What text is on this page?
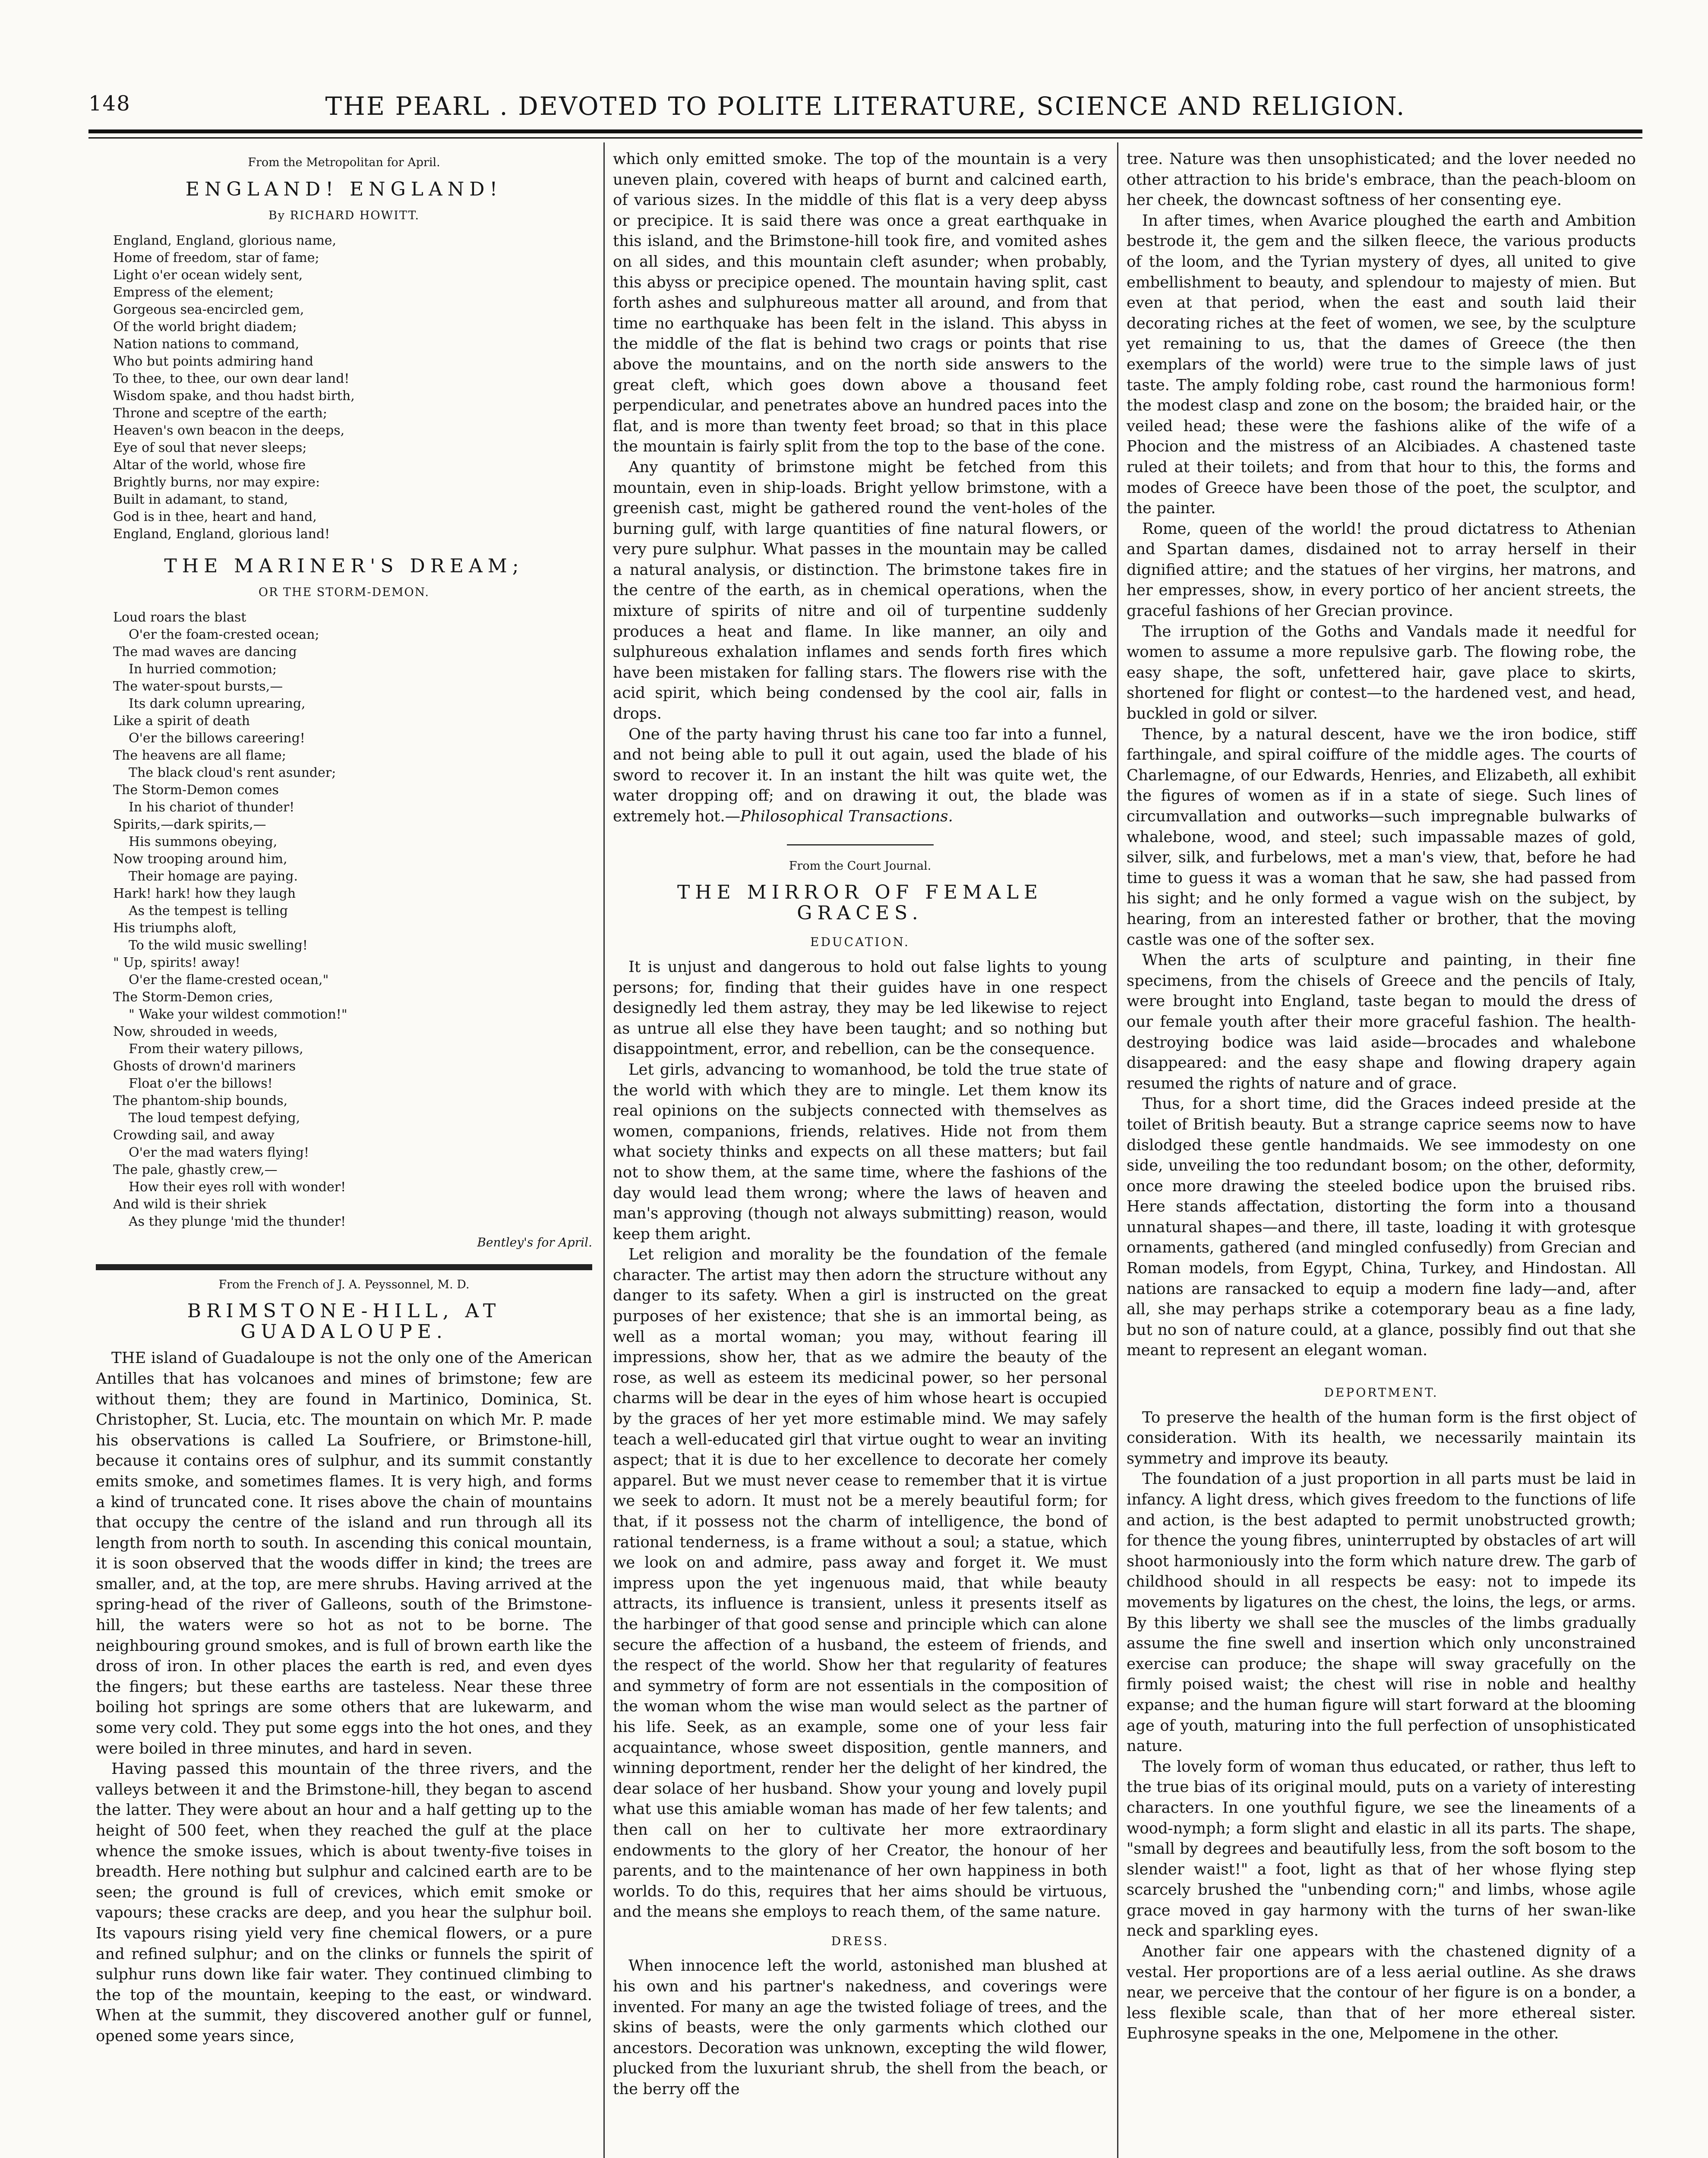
148	THE PEARL . DEVOTED TO POLITE LITERATURE, SCIENCE AND RELIGION.
From the Metropolitan for April.
ENGLAND! ENGLAND!
By RICHARD HOWITT.
England, England, glorious name,
Home of freedom, star of fame;
Light o'er ocean widely sent,
Empress of the element;
Gorgeous sea-encircled gem,
Of the world bright diadem;
Nation nations to command,
Who but points admiring hand
To thee, to thee, our own dear land!
Wisdom spake, and thou hadst birth,
Throne and sceptre of the earth;
Heaven's own beacon in the deeps,
Eye of soul that never sleeps;
Altar of the world, whose fire
Brightly burns, nor may expire:
Built in adamant, to stand,
God is in thee, heart and hand,
England, England, glorious land!
THE MARINER'S DREAM;
OR THE STORM-DEMON.
Loud roars the blast
O'er the foam-crested ocean;
The mad waves are dancing
In hurried commotion;
The water-spout bursts,—
Its dark column uprearing,
Like a spirit of death
O'er the billows careering!
The heavens are all flame;
The black cloud's rent asunder;
The Storm-Demon comes
In his chariot of thunder!
Spirits,—dark spirits,—
His summons obeying,
Now trooping around him,
Their homage are paying.
Hark! hark! how they laugh
As the tempest is telling
His triumphs aloft,
To the wild music swelling!
" Up, spirits! away!
O'er the flame-crested ocean,"
The Storm-Demon cries,
" Wake your wildest commotion!"
Now, shrouded in weeds,
From their watery pillows,
Ghosts of drown'd mariners
Float o'er the billows!
The phantom-ship bounds,
The loud tempest defying,
Crowding sail, and away
O'er the mad waters flying!
The pale, ghastly crew,—
How their eyes roll with wonder!
And wild is their shriek
As they plunge 'mid the thunder!
Bentley's for April.
From the French of J. A. Peyssonnel, M. D.
BRIMSTONE-HILL, AT GUADALOUPE.

THE island of Guadaloupe is not the only one of the American Antilles that has volcanoes and mines of brimstone; few are without them; they are found in Martinico, Dominica, St. Christopher, St. Lucia, etc. The mountain on which Mr. P. made his observations is called La Soufriere, or Brimstone-hill, because it contains ores of sulphur, and its summit constantly emits smoke, and sometimes flames. It is very high, and forms a kind of truncated cone. It rises above the chain of mountains that occupy the centre of the island and run through all its length from north to south. In ascending this conical mountain, it is soon observed that the woods differ in kind; the trees are smaller, and, at the top, are mere shrubs. Having arrived at the spring-head of the river of Galleons, south of the Brimstone-hill, the waters were so hot as not to be borne. The neighbouring ground smokes, and is full of brown earth like the dross of iron. In other places the earth is red, and even dyes the fingers; but these earths are tasteless. Near these three boiling hot springs are some others that are lukewarm, and some very cold. They put some eggs into the hot ones, and they were boiled in three minutes, and hard in seven.

Having passed this mountain of the three rivers, and the valleys between it and the Brimstone-hill, they began to ascend the latter. They were about an hour and a half getting up to the height of 500 feet, when they reached the gulf at the place whence the smoke issues, which is about twenty-five toises in breadth. Here nothing but sulphur and calcined earth are to be seen; the ground is full of crevices, which emit smoke or vapours; these cracks are deep, and you hear the sulphur boil. Its vapours rising yield very fine chemical flowers, or a pure and refined sulphur; and on the clinks or funnels the spirit of sulphur runs down like fair water. They continued climbing to the top of the mountain, keeping to the east, or windward. When at the summit, they discovered another gulf or funnel, opened some years since,

which only emitted smoke. The top of the mountain is a very uneven plain, covered with heaps of burnt and calcined earth, of various sizes. In the middle of this flat is a very deep abyss or precipice. It is said there was once a great earthquake in this island, and the Brimstone-hill took fire, and vomited ashes on all sides, and this mountain cleft asunder; when probably, this abyss or precipice opened. The mountain having split, cast forth ashes and sulphureous matter all around, and from that time no earthquake has been felt in the island. This abyss in the middle of the flat is behind two crags or points that rise above the mountains, and on the north side answers to the great cleft, which goes down above a thousand feet perpendicular, and penetrates above an hundred paces into the flat, and is more than twenty feet broad; so that in this place the mountain is fairly split from the top to the base of the cone.

Any quantity of brimstone might be fetched from this mountain, even in ship-loads. Bright yellow brimstone, with a greenish cast, might be gathered round the vent-holes of the burning gulf, with large quantities of fine natural flowers, or very pure sulphur. What passes in the mountain may be called a natural analysis, or distinction. The brimstone takes fire in the centre of the earth, as in chemical operations, when the mixture of spirits of nitre and oil of turpentine suddenly produces a heat and flame. In like manner, an oily and sulphureous exhalation inflames and sends forth fires which have been mistaken for falling stars. The flowers rise with the acid spirit, which being condensed by the cool air, falls in drops.

One of the party having thrust his cane too far into a funnel, and not being able to pull it out again, used the blade of his sword to recover it. In an instant the hilt was quite wet, the water dropping off; and on drawing it out, the blade was extremely hot.—Philosophical Transactions.

From the Court Journal.
THE MIRROR OF FEMALE GRACES.
EDUCATION.

It is unjust and dangerous to hold out false lights to young persons; for, finding that their guides have in one respect designedly led them astray, they may be led likewise to reject as untrue all else they have been taught; and so nothing but disappointment, error, and rebellion, can be the consequence.

Let girls, advancing to womanhood, be told the true state of the world with which they are to mingle. Let them know its real opinions on the subjects connected with themselves as women, companions, friends, relatives. Hide not from them what society thinks and expects on all these matters; but fail not to show them, at the same time, where the fashions of the day would lead them wrong; where the laws of heaven and man's approving (though not always submitting) reason, would keep them aright.

Let religion and morality be the foundation of the female character. The artist may then adorn the structure without any danger to its safety. When a girl is instructed on the great purposes of her existence; that she is an immortal being, as well as a mortal woman; you may, without fearing ill impressions, show her, that as we admire the beauty of the rose, as well as esteem its medicinal power, so her personal charms will be dear in the eyes of him whose heart is occupied by the graces of her yet more estimable mind. We may safely teach a well-educated girl that virtue ought to wear an inviting aspect; that it is due to her excellence to decorate her comely apparel. But we must never cease to remember that it is virtue we seek to adorn. It must not be a merely beautiful form; for that, if it possess not the charm of intelligence, the bond of rational tenderness, is a frame without a soul; a statue, which we look on and admire, pass away and forget it. We must impress upon the yet ingenuous maid, that while beauty attracts, its influence is transient, unless it presents itself as the harbinger of that good sense and principle which can alone secure the affection of a husband, the esteem of friends, and the respect of the world. Show her that regularity of features and symmetry of form are not essentials in the composition of the woman whom the wise man would select as the partner of his life. Seek, as an example, some one of your less fair acquaintance, whose sweet disposition, gentle manners, and winning deportment, render her the delight of her kindred, the dear solace of her husband. Show your young and lovely pupil what use this amiable woman has made of her few talents; and then call on her to cultivate her more extraordinary endowments to the glory of her Creator, the honour of her parents, and to the maintenance of her own happiness in both worlds. To do this, requires that her aims should be virtuous, and the means she employs to reach them, of the same nature.

DRESS.

When innocence left the world, astonished man blushed at his own and his partner's nakedness, and coverings were invented. For many an age the twisted foliage of trees, and the skins of beasts, were the only garments which clothed our ancestors. Decoration was unknown, excepting the wild flower, plucked from the luxuriant shrub, the shell from the beach, or the berry off the

tree. Nature was then unsophisticated; and the lover needed no other attraction to his bride's embrace, than the peach-bloom on her cheek, the downcast softness of her consenting eye.

In after times, when Avarice ploughed the earth and Ambition bestrode it, the gem and the silken fleece, the various products of the loom, and the Tyrian mystery of dyes, all united to give embellishment to beauty, and splendour to majesty of mien. But even at that period, when the east and south laid their decorating riches at the feet of women, we see, by the sculpture yet remaining to us, that the dames of Greece (the then exemplars of the world) were true to the simple laws of just taste. The amply folding robe, cast round the harmonious form! the modest clasp and zone on the bosom; the braided hair, or the veiled head; these were the fashions alike of the wife of a Phocion and the mistress of an Alcibiades. A chastened taste ruled at their toilets; and from that hour to this, the forms and modes of Greece have been those of the poet, the sculptor, and the painter.

Rome, queen of the world! the proud dictatress to Athenian and Spartan dames, disdained not to array herself in their dignified attire; and the statues of her virgins, her matrons, and her empresses, show, in every portico of her ancient streets, the graceful fashions of her Grecian province.

The irruption of the Goths and Vandals made it needful for women to assume a more repulsive garb. The flowing robe, the easy shape, the soft, unfettered hair, gave place to skirts, shortened for flight or contest—to the hardened vest, and head, buckled in gold or silver.

Thence, by a natural descent, have we the iron bodice, stiff farthingale, and spiral coiffure of the middle ages. The courts of Charlemagne, of our Edwards, Henries, and Elizabeth, all exhibit the figures of women as if in a state of siege. Such lines of circumvallation and outworks—such impregnable bulwarks of whalebone, wood, and steel; such impassable mazes of gold, silver, silk, and furbelows, met a man's view, that, before he had time to guess it was a woman that he saw, she had passed from his sight; and he only formed a vague wish on the subject, by hearing, from an interested father or brother, that the moving castle was one of the softer sex.

When the arts of sculpture and painting, in their fine specimens, from the chisels of Greece and the pencils of Italy, were brought into England, taste began to mould the dress of our female youth after their more graceful fashion. The health-destroying bodice was laid aside—brocades and whalebone disappeared: and the easy shape and flowing drapery again resumed the rights of nature and of grace.

Thus, for a short time, did the Graces indeed preside at the toilet of British beauty. But a strange caprice seems now to have dislodged these gentle handmaids. We see immodesty on one side, unveiling the too redundant bosom; on the other, deformity, once more drawing the steeled bodice upon the bruised ribs. Here stands affectation, distorting the form into a thousand unnatural shapes—and there, ill taste, loading it with grotesque ornaments, gathered (and mingled confusedly) from Grecian and Roman models, from Egypt, China, Turkey, and Hindostan. All nations are ransacked to equip a modern fine lady—and, after all, she may perhaps strike a cotemporary beau as a fine lady, but no son of nature could, at a glance, possibly find out that she meant to represent an elegant woman.

DEPORTMENT.

To preserve the health of the human form is the first object of consideration. With its health, we necessarily maintain its symmetry and improve its beauty.

The foundation of a just proportion in all parts must be laid in infancy. A light dress, which gives freedom to the functions of life and action, is the best adapted to permit unobstructed growth; for thence the young fibres, uninterrupted by obstacles of art will shoot harmoniously into the form which nature drew. The garb of childhood should in all respects be easy: not to impede its movements by ligatures on the chest, the loins, the legs, or arms. By this liberty we shall see the muscles of the limbs gradually assume the fine swell and insertion which only unconstrained exercise can produce; the shape will sway gracefully on the firmly poised waist; the chest will rise in noble and healthy expanse; and the human figure will start forward at the blooming age of youth, maturing into the full perfection of unsophisticated nature.

The lovely form of woman thus educated, or rather, thus left to the true bias of its original mould, puts on a variety of interesting characters. In one youthful figure, we see the lineaments of a wood-nymph; a form slight and elastic in all its parts. The shape, "small by degrees and beautifully less, from the soft bosom to the slender waist!" a foot, light as that of her whose flying step scarcely brushed the "unbending corn;" and limbs, whose agile grace moved in gay harmony with the turns of her swan-like neck and sparkling eyes.

Another fair one appears with the chastened dignity of a vestal. Her proportions are of a less aerial outline. As she draws near, we perceive that the contour of her figure is on a bonder, a less flexible scale, than that of her more ethereal sister. Euphrosyne speaks in the one, Melpomene in the other.
